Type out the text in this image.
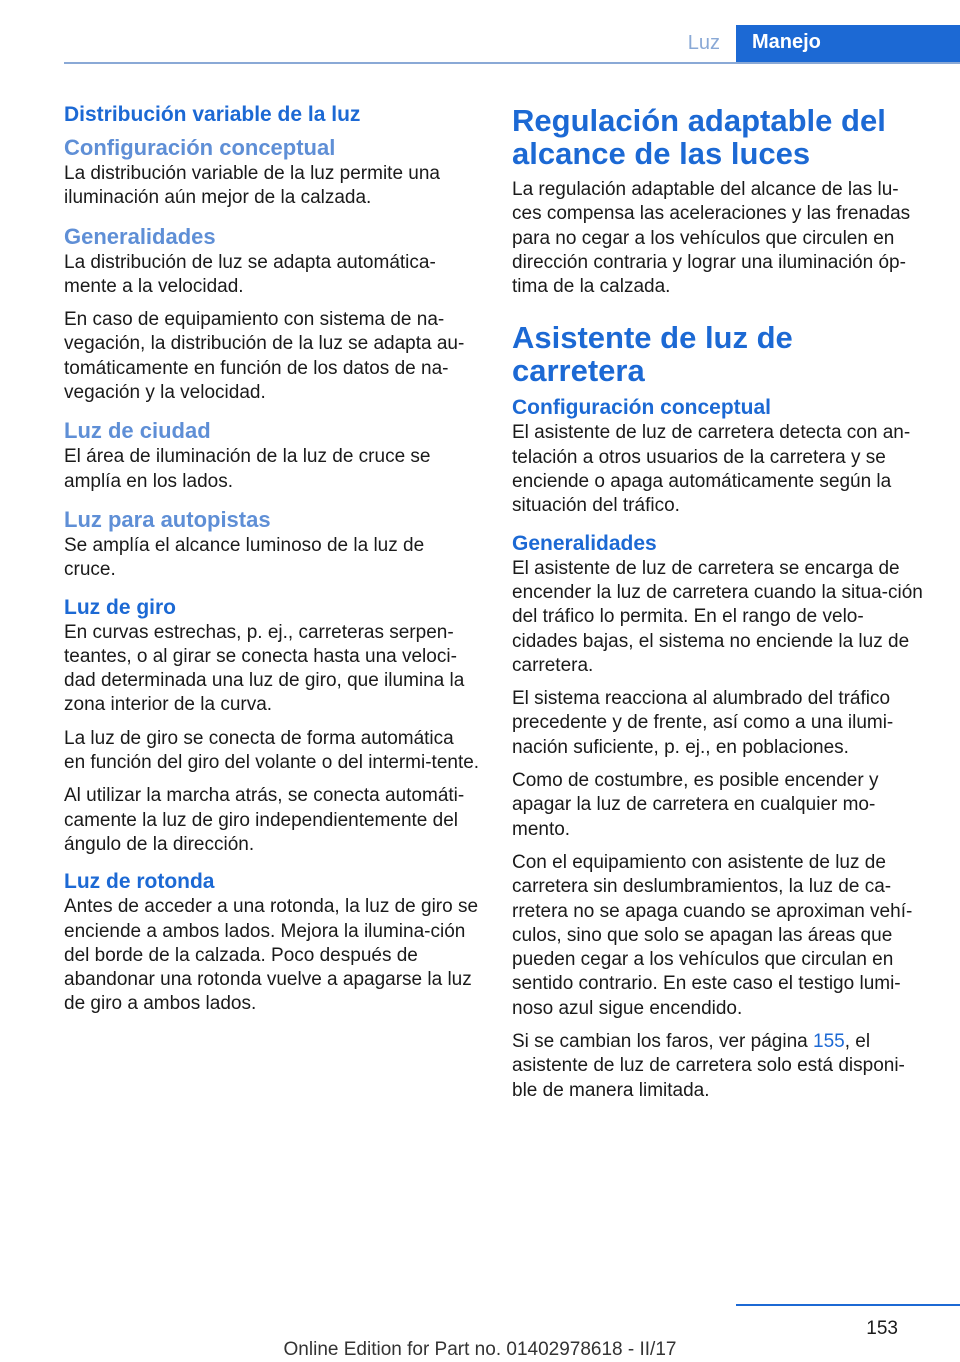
Luz	Manejo
Distribución variable de la luz
Configuración conceptual

La distribución variable de la luz permite una iluminación aún mejor de la calzada.

Generalidades

La distribución de luz se adapta automática-mente a la velocidad.

En caso de equipamiento con sistema de na-vegación, la distribución de la luz se adapta au-tomáticamente en función de los datos de na-vegación y la velocidad.

Luz de ciudad

El área de iluminación de la luz de cruce se amplía en los lados.

Luz para autopistas

Se amplía el alcance luminoso de la luz de cruce.

Luz de giro

En curvas estrechas, p. ej., carreteras serpen-teantes, o al girar se conecta hasta una veloci-dad determinada una luz de giro, que ilumina la zona interior de la curva.

La luz de giro se conecta de forma automática en función del giro del volante o del intermi-tente.

Al utilizar la marcha atrás, se conecta automáti-camente la luz de giro independientemente del ángulo de la dirección.

Luz de rotonda

Antes de acceder a una rotonda, la luz de giro se enciende a ambos lados. Mejora la ilumina-ción del borde de la calzada. Poco después de abandonar una rotonda vuelve a apagarse la luz de giro a ambos lados.

Regulación adaptable del alcance de las luces

La regulación adaptable del alcance de las lu-ces compensa las aceleraciones y las frenadas para no cegar a los vehículos que circulen en dirección contraria y lograr una iluminación óp-tima de la calzada.

Asistente de luz de carretera
Configuración conceptual

El asistente de luz de carretera detecta con an-telación a otros usuarios de la carretera y se enciende o apaga automáticamente según la situación del tráfico.

Generalidades

El asistente de luz de carretera se encarga de encender la luz de carretera cuando la situa-ción del tráfico lo permita. En el rango de velo-cidades bajas, el sistema no enciende la luz de carretera.

El sistema reacciona al alumbrado del tráfico precedente y de frente, así como a una ilumi-nación suficiente, p. ej., en poblaciones.

Como de costumbre, es posible encender y apagar la luz de carretera en cualquier mo-mento.

Con el equipamiento con asistente de luz de carretera sin deslumbramientos, la luz de ca-rretera no se apaga cuando se aproximan vehí-culos, sino que solo se apagan las áreas que pueden cegar a los vehículos que circulan en sentido contrario. En este caso el testigo lumi-noso azul sigue encendido.

Si se cambian los faros, ver página 155, el asistente de luz de carretera solo está disponi-ble de manera limitada.

153
Online Edition for Part no. 01402978618 - II/17
